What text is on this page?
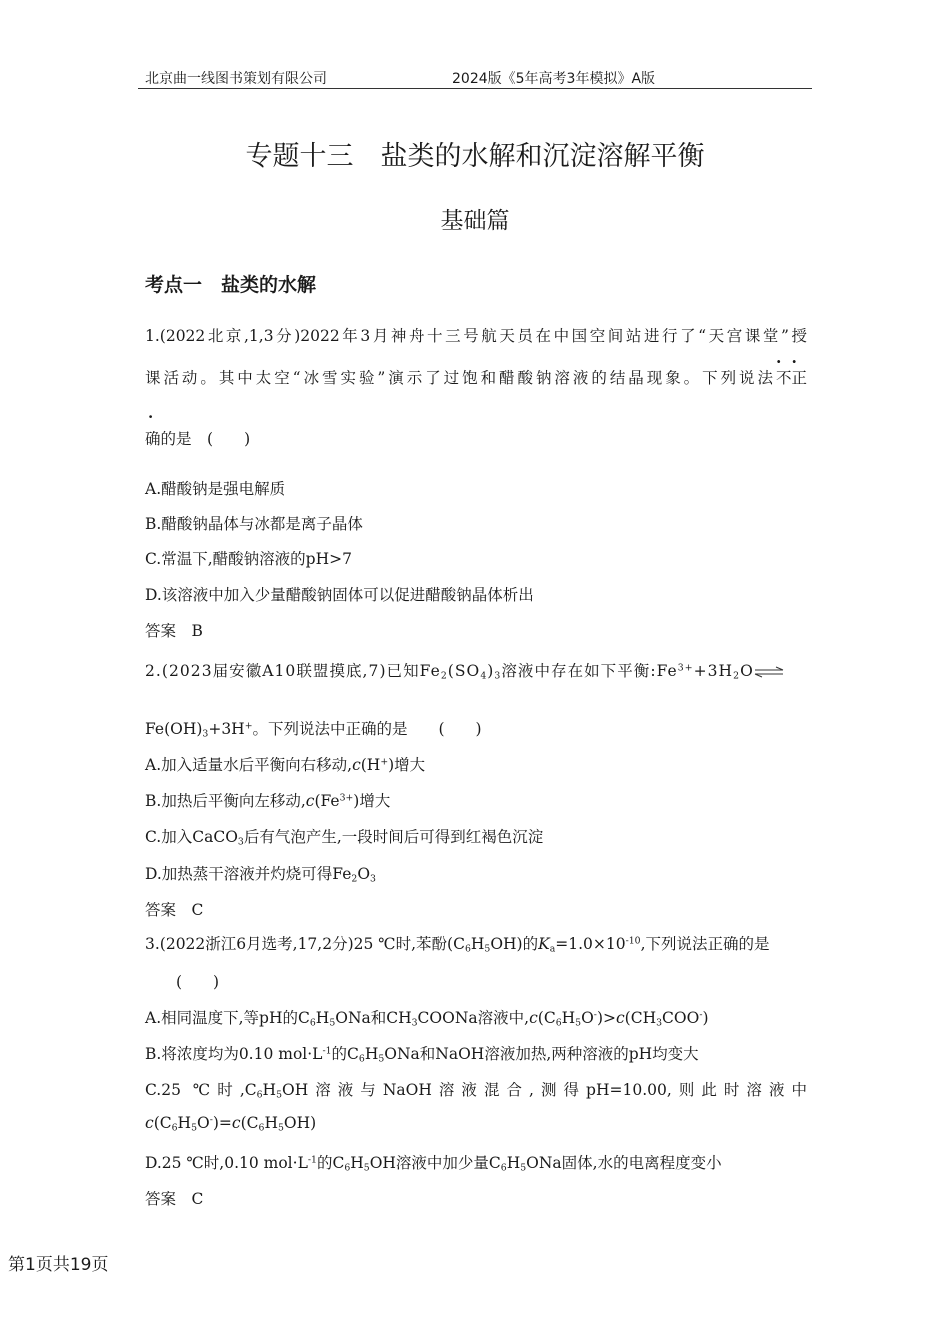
北京曲一线图书策划有限公司	2024版《5年高考3年模拟》A版
专题十三　盐类的水解和沉淀溶解平衡
基础篇
考点一　盐类的水解
1.(2022北京,1,3分)2022年3月神舟十三号航天员在中国空间站进行了“天宫课堂”授
课活动。其中太空“冰雪实验”演示了过饱和醋酸钠溶液的结晶现象。下列说法不正
·
确的是　(　　)
A.醋酸钠是强电解质
B.醋酸钠晶体与冰都是离子晶体
C.常温下,醋酸钠溶液的pH>7
D.该溶液中加入少量醋酸钠固体可以促进醋酸钠晶体析出
答案　B
2.(2023届安徽A10联盟摸底,7)已知$Fe_2(SO_4)_3$溶液中存在如下平衡$:Fe^{3+}+3H_2O\rightleftharpoons$
$Fe(OH)_3+3H^+$。下列说法中正确的是　　(　　)
A.加入适量水后平衡向右移动,c(H+)增大
B.加热后平衡向左移动$,c(Fe^{3+})$增大
C.加入CaCO$_3$后有气泡产生,一段时间后可得到红褐色沉淀
D.加热蒸干溶液并灼烧可得$Fe_2O_3$
答案　C
3.(2022浙江6月选考,17,2分)25 ℃时,苯酚$(C_6H_5OH)$的$K_a=1.0\times 10^{-10}$,下列说法正确的是
(　　)
A.相同温度下,等pH的$C_6H_5ONa$和$CH_3COONa$溶液中$,c(C_6H_5O^-)>c(CH_3COO^-)$
B.将浓度均为0.10 $mol\cdot L^{-1}$的$C_6H_5ONa$和NaOH溶液加热,两种溶液的pH均变大
C.25 ℃时$,C_6H_5OH$溶液与NaOH溶液混合,测得pH=10.00,则此时溶液中
$c(C_6H_5O^-)=c(C_6H_5OH)$
D.25 ℃时,0.10 $mol\cdot L^{-1}$的$C_6H_5OH$溶液中加少量$C_6H_5ONa$固体,水的电离程度变小
答案　C
第1页共19页
